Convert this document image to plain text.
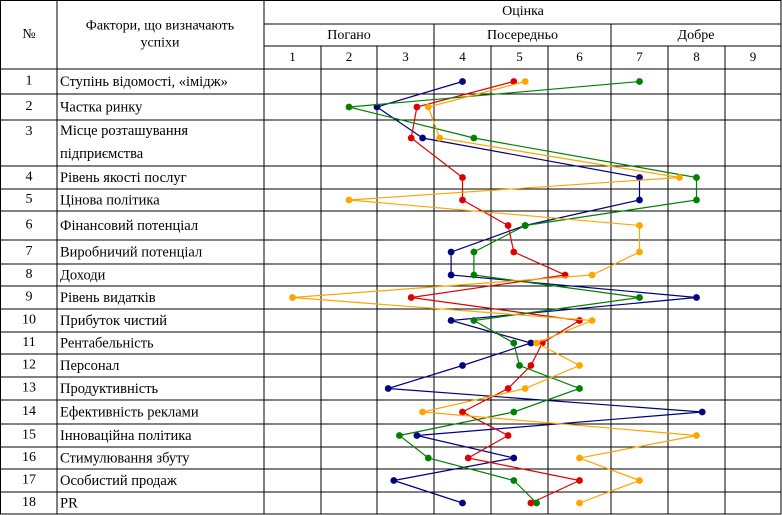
№
Фактори, що визначають успіхи
Оцінка
Погано	Посередньо	Добре
1	2	3	4	5	6	7	8	9
1 Ступінь відомості, «імідж»
2 Частка ринку
3 Місце розташування підприємства
4 Рівень якості послуг
5 Цінова політика
6 Фінансовий потенціал
7 Виробничий потенціал
8 Доходи
9 Рівень видатків
10 Прибуток чистий
11 Рентабельність
12 Персонал
13 Продуктивність
14 Ефективність реклами
15 Інноваційна політика
16 Стимулювання збуту
17 Особистий продаж
18 PR
